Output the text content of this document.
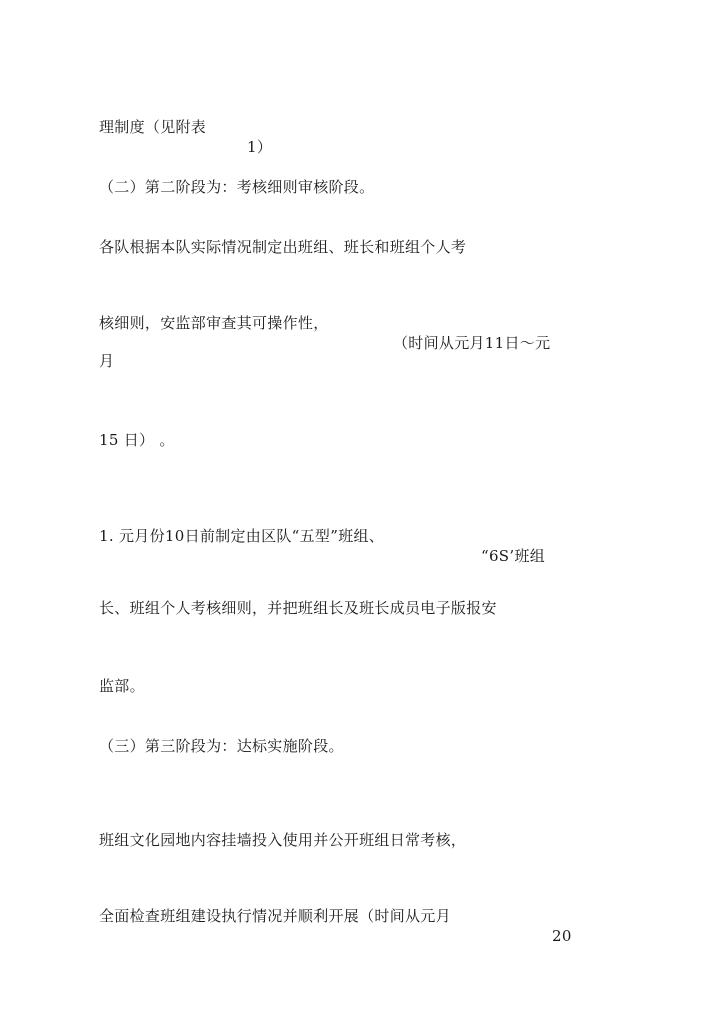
理制度（见附表

1）

（二）第二阶段为：考核细则审核阶段。

各队根据本队实际情况制定出班组、班长和班组个人考

核细则，安监部审查其可操作性，

（时间从元月11日～元

月

15 日） 。

1. 元月份10日前制定由区队“五型”班组、

“6S’班组

长、班组个人考核细则，并把班组长及班长成员电子版报安

监部。

（三）第三阶段为：达标实施阶段。

班组文化园地内容挂墙投入使用并公开班组日常考核，

全面检查班组建设执行情况并顺利开展（时间从元月

20
